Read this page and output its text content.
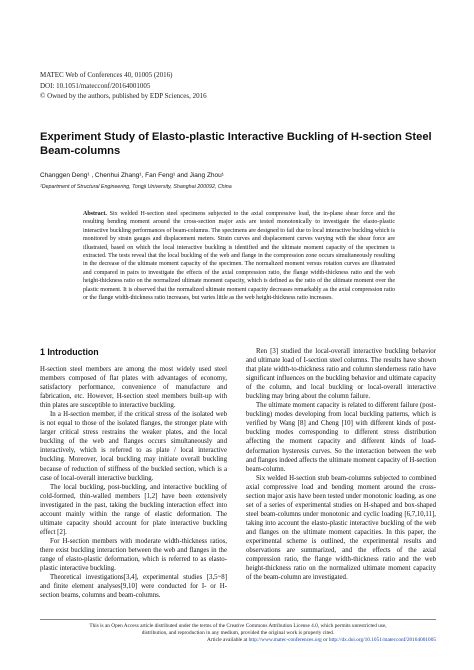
MATEC Web of Conferences 40, 01005 (2016)
DOI: 10.1051/matecconf/20164001005
© Owned by the authors, published by EDP Sciences, 2016
Experiment Study of Elasto-plastic Interactive Buckling of H-section Steel Beam-columns
Changgen Deng¹ , Chenhui Zhang¹, Fan Feng¹ and Jiang Zhou¹
¹Department of Structural Engineering, Tongji University, Shanghai 200092, China
Abstract. Six welded H-section steel specimens subjected to the axial compressive load, the in-plane shear force and the resulting bending moment around the cross-section major axis are tested monotonically to investigate the elasto-plastic interactive buckling performances of beam-columns. The specimens are designed to fail due to local interactive buckling which is monitored by strain gauges and displacement meters. Strain curves and displacement curves varying with the shear force are illustrated, based on which the local interactive buckling is identified and the ultimate moment capacity of the specimen is extracted. The tests reveal that the local buckling of the web and flange in the compression zone occurs simultaneously resulting in the decrease of the ultimate moment capacity of the specimen. The normalized moment versus rotation curves are illustrated and compared in pairs to investigate the effects of the axial compression ratio, the flange width-thickness ratio and the web height-thickness ratio on the normalized ultimate moment capacity, which is defined as the ratio of the ultimate moment over the plastic moment. It is observed that the normalized ultimate moment capacity decreases remarkably as the axial compression ratio or the flange width-thickness ratio increases, but varies little as the web height-thickness ratio increases.
1 Introduction

H-section steel members are among the most widely used steel members composed of flat plates with advantages of economy, satisfactory performance, convenience of manufacture and fabrication, etc. However, H-section steel members built-up with thin plates are susceptible to interactive buckling.

In a H-section member, if the critical stress of the isolated web is not equal to those of the isolated flanges, the stronger plate with larger critical stress restrains the weaker plates, and the local buckling of the web and flanges occurs simultaneously and interactively, which is referred to as plate / local interactive buckling. Moreover, local buckling may initiate overall buckling because of reduction of stiffness of the buckled section, which is a case of local-overall interactive buckling.

The local buckling, post-buckling, and interactive buckling of cold-formed, thin-walled members [1,2] have been extensively investigated in the past, taking the buckling interaction effect into account mainly within the range of elastic deformation. The ultimate capacity should account for plate interactive buckling effect [2].

For H-section members with moderate width-thickness ratios, there exist buckling interaction between the web and flanges in the range of elasto-plastic deformation, which is referred to as elasto-plastic interactive buckling.

Theoretical investigations[3,4], experimental studies [3,5~8] and finite element analyses[9,10] were conducted for I- or H-section beams, columns and beam-columns.

Ren [3] studied the local-overall interactive buckling behavior and ultimate load of I-section steel columns. The results have shown that plate width-to-thickness ratio and column slenderness ratio have significant influences on the buckling behavior and ultimate capacity of the column, and local buckling or local-overall interactive buckling may bring about the column failure.

The ultimate moment capacity is related to different failure (post-buckling) modes developing from local buckling patterns, which is verified by Wang [8] and Cheng [10] with different kinds of post-buckling modes corresponding to different stress distribution affecting the moment capacity and different kinds of load-deformation hysteresis curves. So the interaction between the web and flanges indeed affects the ultimate moment capacity of H-section beam-column.

Six welded H-section stub beam-columns subjected to combined axial compressive load and bending moment around the cross-section major axis have been tested under monotonic loading, as one set of a series of experimental studies on H-shaped and box-shaped steel beam-columns under monotonic and cyclic loading [6,7,10,11], taking into account the elasto-plastic interactive buckling of the web and flanges on the ultimate moment capacities. In this paper, the experimental scheme is outlined, the experimental results and observations are summarized, and the effects of the axial compression ratio, the flange width-thickness ratio and the web height-thickness ratio on the normalized ultimate moment capacity of the beam-column are investigated.

This is an Open Access article distributed under the terms of the Creative Commons Attribution License 4.0, which permits unrestricted use,
distribution, and reproduction in any medium, provided the original work is properly cited.
Article available at http://www.matec-conferences.org or http://dx.doi.org/10.1051/matecconf/20164001005
